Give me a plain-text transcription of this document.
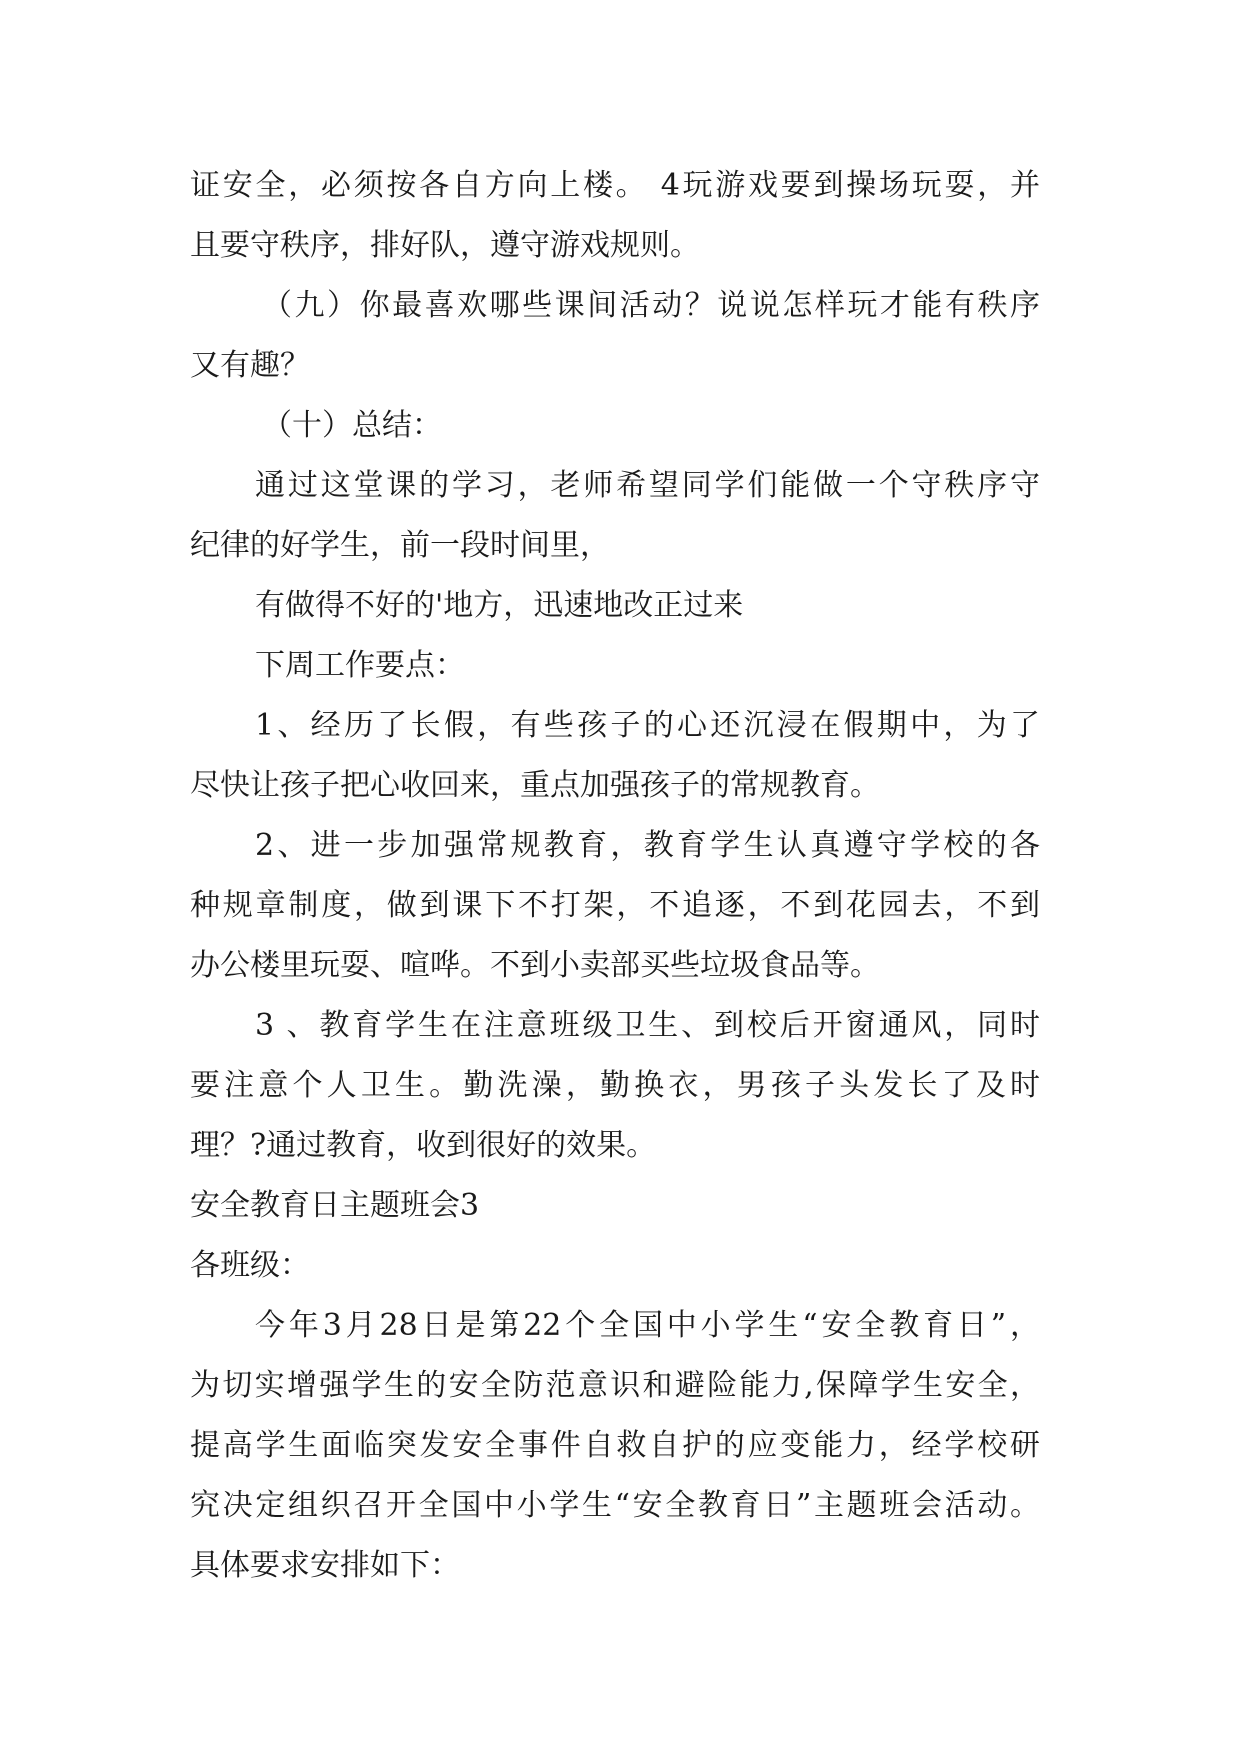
证安全，必须按各自方向上楼。 4玩游戏要到操场玩耍，并
且要守秩序，排好队，遵守游戏规则。
（九）你最喜欢哪些课间活动？说说怎样玩才能有秩序
又有趣？
（十）总结：
通过这堂课的学习，老师希望同学们能做一个守秩序守
纪律的好学生，前一段时间里，
有做得不好的'地方，迅速地改正过来
下周工作要点：
1、经历了长假，有些孩子的心还沉浸在假期中，为了
尽快让孩子把心收回来，重点加强孩子的常规教育。
2、进一步加强常规教育，教育学生认真遵守学校的各
种规章制度，做到课下不打架，不追逐，不到花园去，不到
办公楼里玩耍、喧哗。不到小卖部买些垃圾食品等。
3 、教育学生在注意班级卫生、到校后开窗通风，同时
要注意个人卫生。勤洗澡，勤换衣，男孩子头发长了及时
理？?通过教育，收到很好的效果。
安全教育日主题班会3
各班级：
今年3月28日是第22个全国中小学生“安全教育日”，
为切实增强学生的安全防范意识和避险能力,保障学生安全，
提高学生面临突发安全事件自救自护的应变能力，经学校研
究决定组织召开全国中小学生“安全教育日”主题班会活动。
具体要求安排如下：
